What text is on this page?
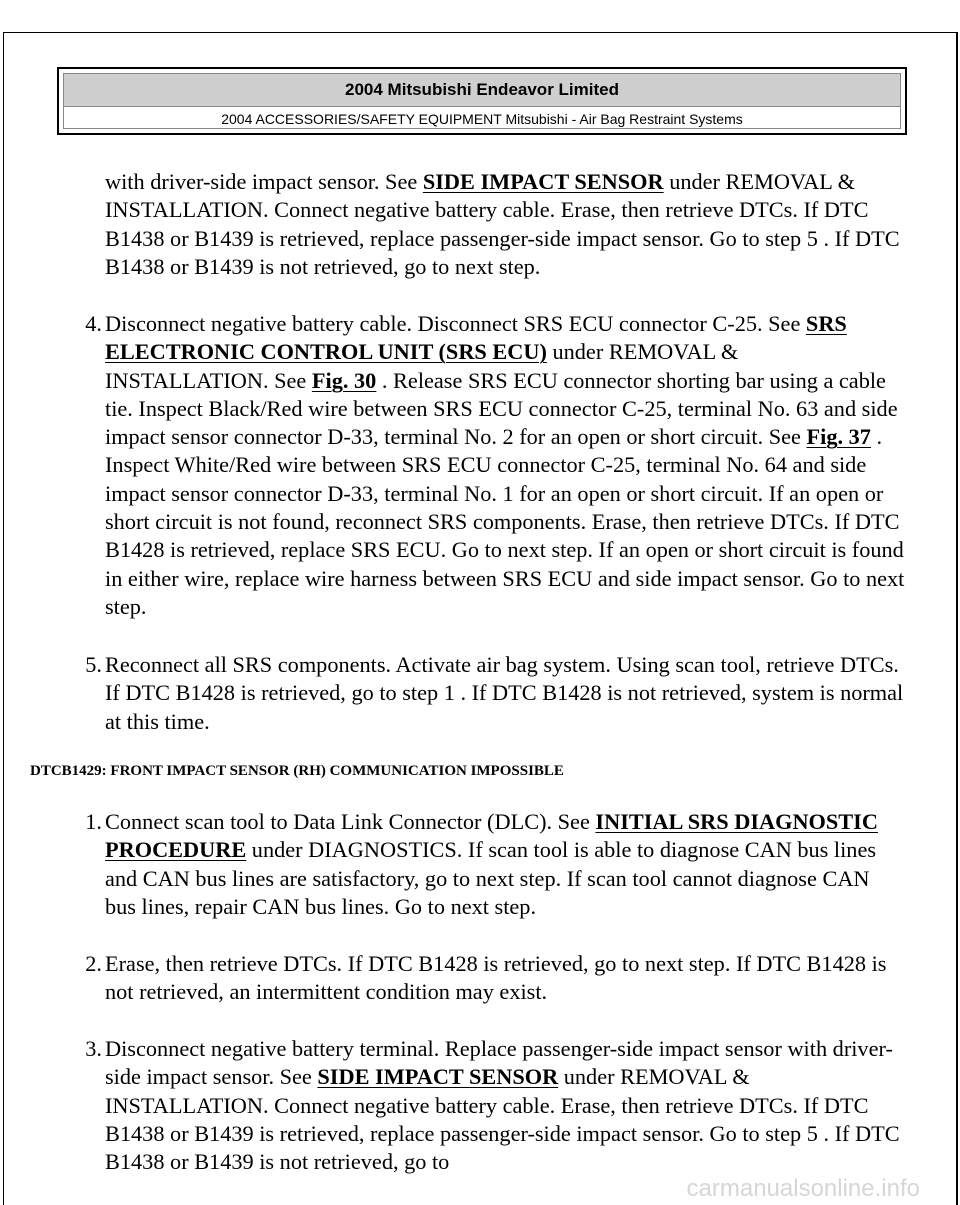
2004 Mitsubishi Endeavor Limited
2004 ACCESSORIES/SAFETY EQUIPMENT Mitsubishi - Air Bag Restraint Systems

with driver-side impact sensor. See SIDE IMPACT SENSOR under REMOVAL & INSTALLATION. Connect negative battery cable. Erase, then retrieve DTCs. If DTC B1438 or B1439 is retrieved, replace passenger-side impact sensor. Go to step 5 . If DTC B1438 or B1439 is not retrieved, go to next step.

4. Disconnect negative battery cable. Disconnect SRS ECU connector C-25. See SRS ELECTRONIC CONTROL UNIT (SRS ECU) under REMOVAL & INSTALLATION. See Fig. 30 . Release SRS ECU connector shorting bar using a cable tie. Inspect Black/Red wire between SRS ECU connector C-25, terminal No. 63 and side impact sensor connector D-33, terminal No. 2 for an open or short circuit. See Fig. 37 . Inspect White/Red wire between SRS ECU connector C-25, terminal No. 64 and side impact sensor connector D-33, terminal No. 1 for an open or short circuit. If an open or short circuit is not found, reconnect SRS components. Erase, then retrieve DTCs. If DTC B1428 is retrieved, replace SRS ECU. Go to next step. If an open or short circuit is found in either wire, replace wire harness between SRS ECU and side impact sensor. Go to next step.

5. Reconnect all SRS components. Activate air bag system. Using scan tool, retrieve DTCs. If DTC B1428 is retrieved, go to step 1 . If DTC B1428 is not retrieved, system is normal at this time.

DTCB1429: FRONT IMPACT SENSOR (RH) COMMUNICATION IMPOSSIBLE
1. Connect scan tool to Data Link Connector (DLC). See INITIAL SRS DIAGNOSTIC PROCEDURE under DIAGNOSTICS. If scan tool is able to diagnose CAN bus lines and CAN bus lines are satisfactory, go to next step. If scan tool cannot diagnose CAN bus lines, repair CAN bus lines. Go to next step.

2. Erase, then retrieve DTCs. If DTC B1428 is retrieved, go to next step. If DTC B1428 is not retrieved, an intermittent condition may exist.

3. Disconnect negative battery terminal. Replace passenger-side impact sensor with driver-side impact sensor. See SIDE IMPACT SENSOR under REMOVAL & INSTALLATION. Connect negative battery cable. Erase, then retrieve DTCs. If DTC B1438 or B1439 is retrieved, replace passenger-side impact sensor. Go to step 5 . If DTC B1438 or B1439 is not retrieved, go to

carmanualsonline.info
